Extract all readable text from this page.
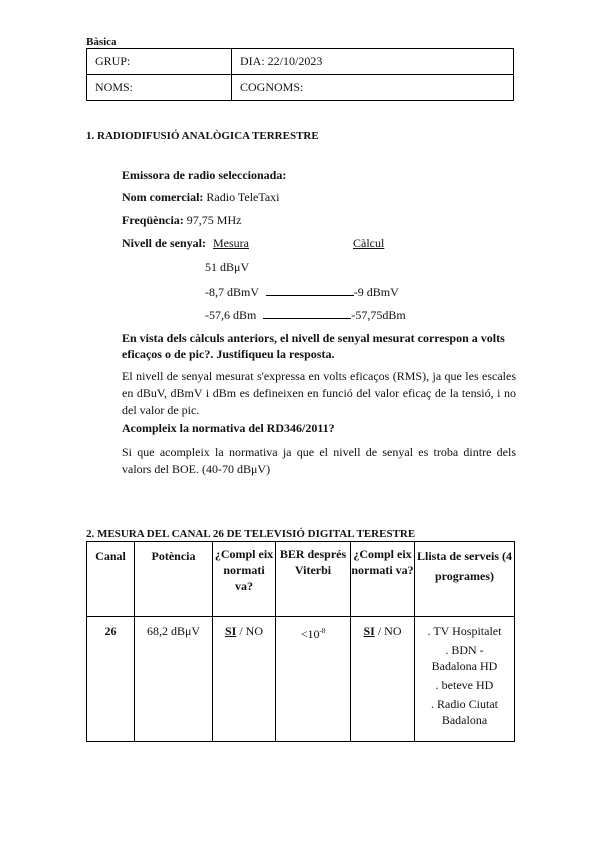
Bàsica
GRUP:	DIA: 22/10/2023
NOMS:	COGNOMS:
1. RADIODIFUSIÓ ANALÒGICA TERRESTRE
Emissora de radio seleccionada:
Nom comercial: Radio TeleTaxi
Freqüència: 97,75 MHz
Nivell de senyal: Mesura	Càlcul
51 dBμV
-8,7 dBmV	-9 dBmV
-57,6 dBm	-57,75dBm
En vista dels càlculs anteriors, el nivell de senyal mesurat correspon a volts eficaços o de pic?. Justifiqueu la resposta.

El nivell de senyal mesurat s'expressa en volts eficaços (RMS), ja que les escales en dBuV, dBmV i dBm es defineixen en funció del valor eficaç de la tensió, i no del valor de pic.

Acompleix la normativa del RD346/2011?

Si que acompleix la normativa ja que el nivell de senyal es troba dintre dels valors del BOE. (40-70 dBμV)

2. MESURA DEL CANAL 26 DE TELEVISIÓ DIGITAL TERESTRE
Canal	Potència	¿Compl eix normati va?	BER després Viterbi	¿Compl eix normati va?	Llista de serveis (4 programes)
26	68,2 dBμV	SI / NO	$<10^{-8}$	SI / NO	. TV Hospitalet
. BDN - Badalona HD
. beteve HD
. Radio Ciutat Badalona
